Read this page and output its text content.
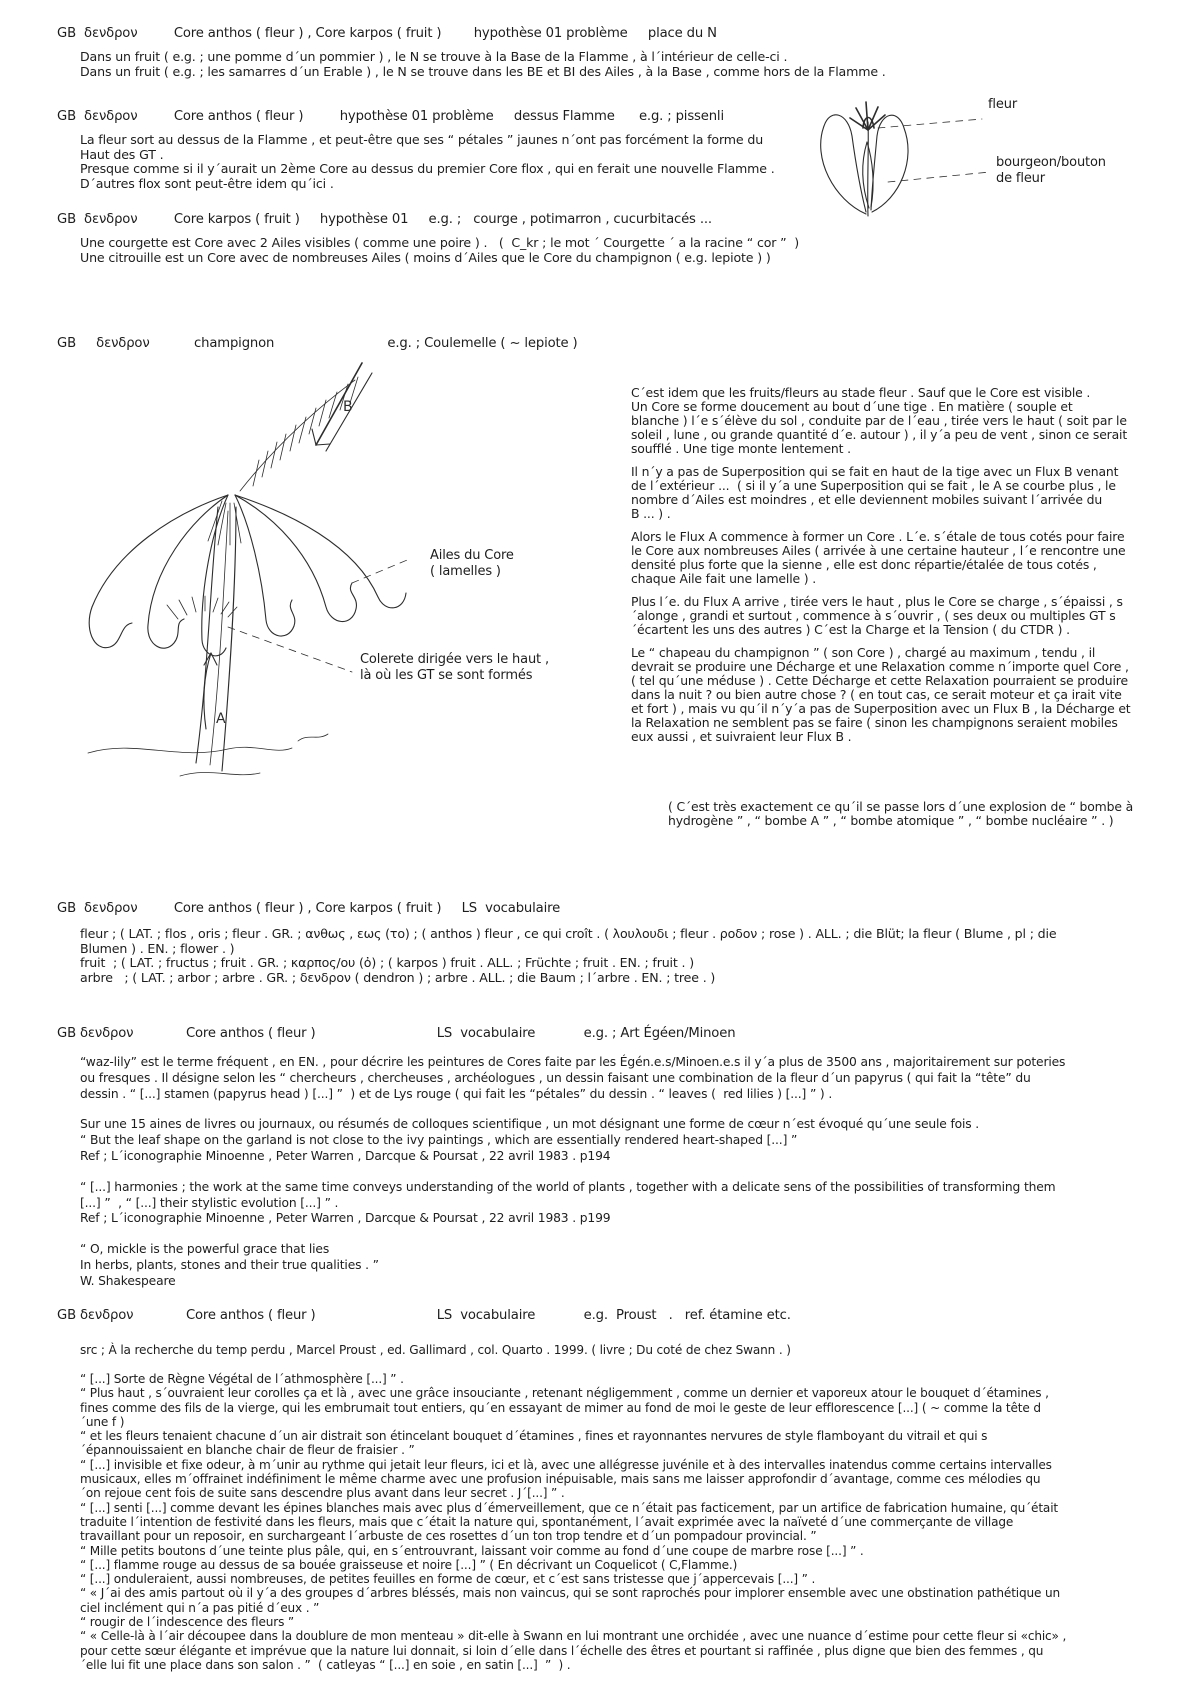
GB  δενδρον         Core anthos ( fleur ) , Core karpos ( fruit )        hypothèse 01 problème     place du N
Dans un fruit ( e.g. ; une pomme d´un pommier ) , le N se trouve à la Base de la Flamme , à l´intérieur de celle-ci .
Dans un fruit ( e.g. ; les samarres d´un Erable ) , le N se trouve dans les BE et BI des Ailes , à la Base , comme hors de la Flamme .
GB  δενδρον         Core anthos ( fleur )         hypothèse 01 problème     dessus Flamme      e.g. ; pissenli
La fleur sort au dessus de la Flamme , et peut-être que ses “ pétales ” jaunes n´ont pas forcément la forme du
Haut des GT .
Presque comme si il y´aurait un 2ème Core au dessus du premier Core flox , qui en ferait une nouvelle Flamme .
D´autres flox sont peut-être idem qu´ici .
fleur
bourgeon/bouton
de fleur
GB  δενδρον         Core karpos ( fruit )     hypothèse 01     e.g. ;   courge , potimarron , cucurbitacés ...
Une courgette est Core avec 2 Ailes visibles ( comme une poire ) .   (  C_kr ; le mot ´ Courgette ´ a la racine “ cor ”  )
Une citrouille est un Core avec de nombreuses Ailes ( moins d´Ailes que le Core du champignon ( e.g. lepiote ) )
GB     δενδρον           champignon                            e.g. ; Coulemelle ( ~ lepiote )
B
A
Ailes du Core
( lamelles )
Colerete dirigée vers le haut ,
là où les GT se sont formés
C´est idem que les fruits/fleurs au stade fleur . Sauf que le Core est visible .
Un Core se forme doucement au bout d´une tige . En matière ( souple et
blanche ) l´e s´élève du sol , conduite par de l´eau , tirée vers le haut ( soit par le
soleil , lune , ou grande quantité d´e. autour ) , il y´a peu de vent , sinon ce serait
soufflé . Une tige monte lentement .
Il n´y a pas de Superposition qui se fait en haut de la tige avec un Flux B venant
de l´extérieur ...  ( si il y´a une Superposition qui se fait , le A se courbe plus , le
nombre d´Ailes est moindres , et elle deviennent mobiles suivant l´arrivée du
B ... ) .
Alors le Flux A commence à former un Core . L´e. s´étale de tous cotés pour faire
le Core aux nombreuses Ailes ( arrivée à une certaine hauteur , l´e rencontre une
densité plus forte que la sienne , elle est donc répartie/étalée de tous cotés ,
chaque Aile fait une lamelle ) .
Plus l´e. du Flux A arrive , tirée vers le haut , plus le Core se charge , s´épaissi , s
´alonge , grandi et surtout , commence à s´ouvrir , ( ses deux ou multiples GT s
´écartent les uns des autres ) C´est la Charge et la Tension ( du CTDR ) .
Le “ chapeau du champignon ” ( son Core ) , chargé au maximum , tendu , il
devrait se produire une Décharge et une Relaxation comme n´importe quel Core ,
( tel qu´une méduse ) . Cette Décharge et cette Relaxation pourraient se produire
dans la nuit ? ou bien autre chose ? ( en tout cas, ce serait moteur et ça irait vite
et fort ) , mais vu qu´il n´y´a pas de Superposition avec un Flux B , la Décharge et
la Relaxation ne semblent pas se faire ( sinon les champignons seraient mobiles
eux aussi , et suivraient leur Flux B .
( C´est très exactement ce qu´il se passe lors d´une explosion de “ bombe à
hydrogène ” , “ bombe A ” , “ bombe atomique ” , “ bombe nucléaire ” . )
GB  δενδρον         Core anthos ( fleur ) , Core karpos ( fruit )     LS  vocabulaire
fleur ; ( LAT. ; flos , oris ; fleur . GR. ; ανθως , εως (το) ; ( anthos ) fleur , ce qui croît . ( λουλουδι ; fleur . ροδον ; rose ) . ALL. ; die Blüt; la fleur ( Blume , pl ; die
Blumen ) . EN. ; flower . )
fruit  ; ( LAT. ; fructus ; fruit . GR. ; καρπος/ου (ὀ) ; ( karpos ) fruit . ALL. ; Früchte ; fruit . EN. ; fruit . )
arbre   ; ( LAT. ; arbor ; arbre . GR. ; δενδρον ( dendron ) ; arbre . ALL. ; die Baum ; l´arbre . EN. ; tree . )
GB δενδρον             Core anthos ( fleur )                              LS  vocabulaire            e.g. ; Art Égéen/Minoen
“waz-lily” est le terme fréquent , en EN. , pour décrire les peintures de Cores faite par les Égén.e.s/Minoen.e.s il y´a plus de 3500 ans , majoritairement sur poteries
ou fresques . Il désigne selon les “ chercheurs , chercheuses , archéologues , un dessin faisant une combination de la fleur d´un papyrus ( qui fait la “tête” du
dessin . “ [...] stamen (papyrus head ) [...] ”  ) et de Lys rouge ( qui fait les “pétales” du dessin . “ leaves (  red lilies ) [...] ” ) .
Sur une 15 aines de livres ou journaux, ou résumés de colloques scientifique , un mot désignant une forme de cœur n´est évoqué qu´une seule fois .
“ But the leaf shape on the garland is not close to the ivy paintings , which are essentially rendered heart-shaped [...] ”
Ref ; L´iconographie Minoenne , Peter Warren , Darcque & Poursat , 22 avril 1983 . p194
“ [...] harmonies ; the work at the same time conveys understanding of the world of plants , together with a delicate sens of the possibilities of transforming them
[...] ”  , “ [...] their stylistic evolution [...] ” .
Ref ; L´iconographie Minoenne , Peter Warren , Darcque & Poursat , 22 avril 1983 . p199
“ O, mickle is the powerful grace that lies
In herbs, plants, stones and their true qualities . ”
W. Shakespeare
GB δενδρον             Core anthos ( fleur )                              LS  vocabulaire            e.g.  Proust   .   ref. étamine etc.
src ; À la recherche du temp perdu , Marcel Proust , ed. Gallimard , col. Quarto . 1999. ( livre ; Du coté de chez Swann . )
“ [...] Sorte de Règne Végétal de l´athmosphère [...] ” .
“ Plus haut , s´ouvraient leur corolles ça et là , avec une grâce insouciante , retenant négligemment , comme un dernier et vaporeux atour le bouquet d´étamines ,
fines comme des fils de la vierge, qui les embrumait tout entiers, qu´en essayant de mimer au fond de moi le geste de leur efflorescence [...] ( ~ comme la tête d
´une f )
“ et les fleurs tenaient chacune d´un air distrait son étincelant bouquet d´étamines , fines et rayonnantes nervures de style flamboyant du vitrail et qui s
´épannouissaient en blanche chair de fleur de fraisier . ”
“ [...] invisible et fixe odeur, à m´unir au rythme qui jetait leur fleurs, ici et là, avec une allégresse juvénile et à des intervalles inatendus comme certains intervalles
musicaux, elles m´offrainet indéfiniment le même charme avec une profusion inépuisable, mais sans me laisser approfondir d´avantage, comme ces mélodies qu
´on rejoue cent fois de suite sans descendre plus avant dans leur secret . J´[...] ” .
“ [...] senti [...] comme devant les épines blanches mais avec plus d´émerveillement, que ce n´était pas facticement, par un artifice de fabrication humaine, qu´était
traduite l´intention de festivité dans les fleurs, mais que c´était la nature qui, spontanément, l´avait exprimée avec la naïveté d´une commerçante de village
travaillant pour un reposoir, en surchargeant l´arbuste de ces rosettes d´un ton trop tendre et d´un pompadour provincial. ”
“ Mille petits boutons d´une teinte plus pâle, qui, en s´entrouvrant, laissant voir comme au fond d´une coupe de marbre rose [...] ” .
“ [...] flamme rouge au dessus de sa bouée graisseuse et noire [...] ” ( En décrivant un Coquelicot ( C,Flamme.)
“ [...] onduleraient, aussi nombreuses, de petites feuilles en forme de cœur, et c´est sans tristesse que j´appercevais [...] ” .
“ « J´ai des amis partout où il y´a des groupes d´arbres bléssés, mais non vaincus, qui se sont raprochés pour implorer ensemble avec une obstination pathétique un
ciel inclément qui n´a pas pitié d´eux . ”
“ rougir de l´indescence des fleurs ”
“ « Celle-là à l´air découpee dans la doublure de mon menteau » dit-elle à Swann en lui montrant une orchidée , avec une nuance d´estime pour cette fleur si «chic» ,
pour cette sœur élégante et imprévue que la nature lui donnait, si loin d´elle dans l´échelle des êtres et pourtant si raffinée , plus digne que bien des femmes , qu
´elle lui fit une place dans son salon . ”  ( catleyas “ [...] en soie , en satin [...]  ”  ) .
